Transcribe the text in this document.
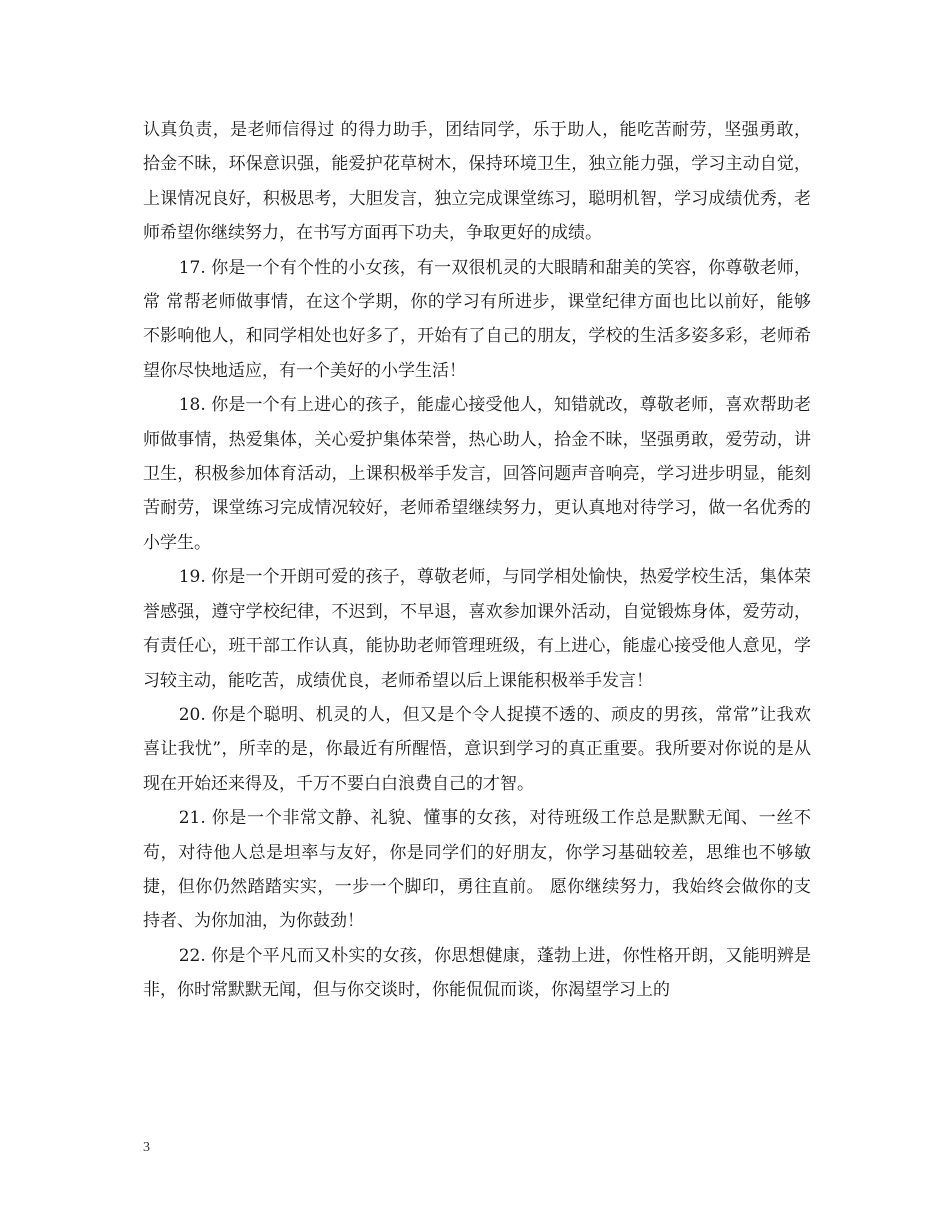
认真负责，是老师信得过 的得力助手，团结同学，乐于助人，能吃苦耐劳，坚强勇敢，拾金不昧，环保意识强，能爱护花草树木，保持环境卫生，独立能力强，学习主动自觉，上课情况良好，积极思考，大胆发言，独立完成课堂练习，聪明机智，学习成绩优秀，老师希望你继续努力，在书写方面再下功夫，争取更好的成绩。

17. 你是一个有个性的小女孩，有一双很机灵的大眼睛和甜美的笑容，你尊敬老师，常 常帮老师做事情，在这个学期，你的学习有所进步，课堂纪律方面也比以前好，能够不影响他人，和同学相处也好多了，开始有了自己的朋友，学校的生活多姿多彩，老师希望你尽快地适应，有一个美好的小学生活！

18. 你是一个有上进心的孩子，能虚心接受他人，知错就改，尊敬老师，喜欢帮助老师做事情，热爱集体，关心爱护集体荣誉，热心助人，拾金不昧，坚强勇敢，爱劳动，讲卫生，积极参加体育活动，上课积极举手发言，回答问题声音响亮，学习进步明显，能刻苦耐劳，课堂练习完成情况较好，老师希望继续努力，更认真地对待学习，做一名优秀的小学生。

19. 你是一个开朗可爱的孩子，尊敬老师，与同学相处愉快，热爱学校生活，集体荣誉感强，遵守学校纪律，不迟到，不早退，喜欢参加课外活动，自觉锻炼身体，爱劳动，有责任心，班干部工作认真，能协助老师管理班级，有上进心，能虚心接受他人意见，学习较主动，能吃苦，成绩优良，老师希望以后上课能积极举手发言！

20. 你是个聪明、机灵的人，但又是个令人捉摸不透的、顽皮的男孩，常常”让我欢喜让我忧”，所幸的是，你最近有所醒悟，意识到学习的真正重要。我所要对你说的是从现在开始还来得及，千万不要白白浪费自己的才智。

21. 你是一个非常文静、礼貌、懂事的女孩，对待班级工作总是默默无闻、一丝不苟，对待他人总是坦率与友好，你是同学们的好朋友，你学习基础较差，思维也不够敏捷，但你仍然踏踏实实，一步一个脚印，勇往直前。 愿你继续努力，我始终会做你的支持者、为你加油，为你鼓劲！

22. 你是个平凡而又朴实的女孩，你思想健康，蓬勃上进，你性格开朗，又能明辨是非，你时常默默无闻，但与你交谈时，你能侃侃而谈，你渴望学习上的

3
